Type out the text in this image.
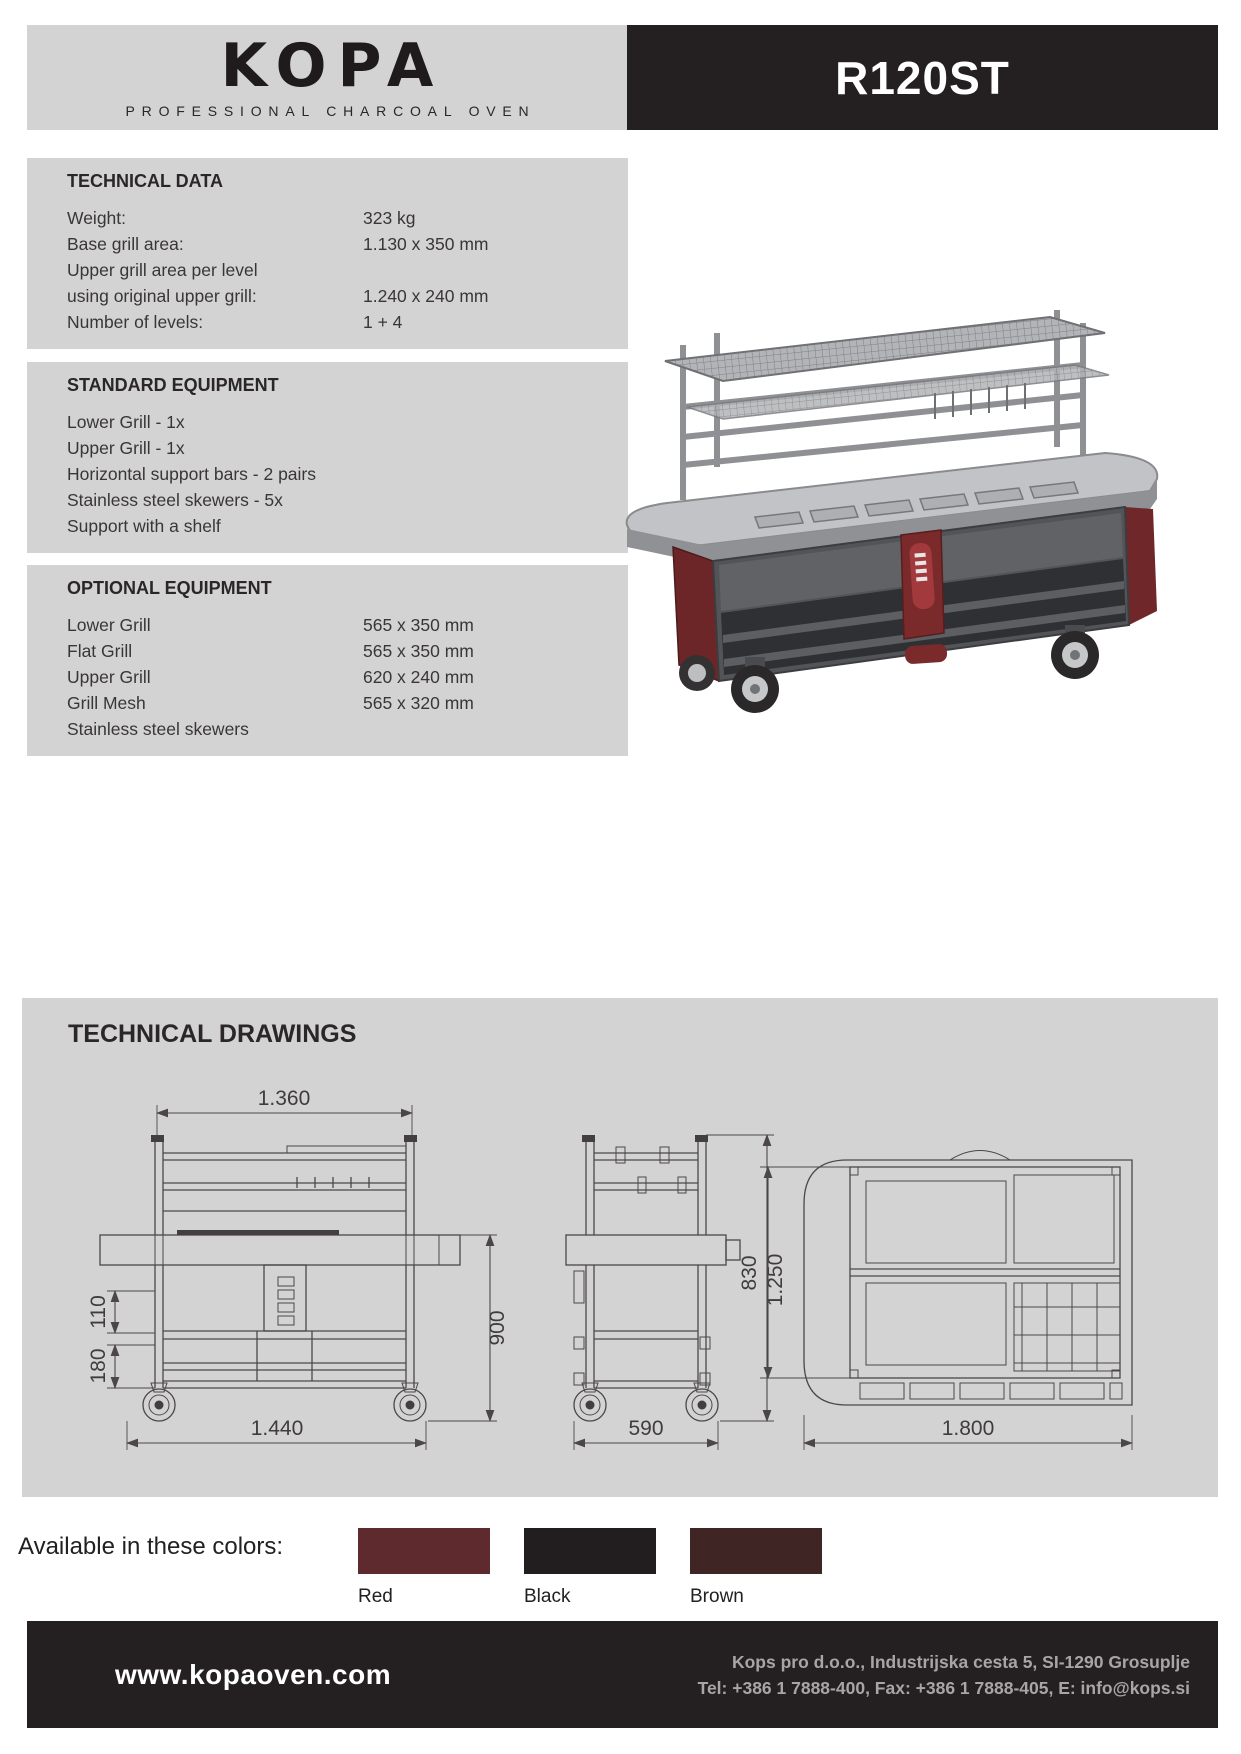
KOPA
PROFESSIONAL CHARCOAL OVEN
R120ST
TECHNICAL DATA
Weight:	323 kg
Base grill area:	1.130 x 350 mm
Upper grill area per level
using original upper grill:	1.240 x 240 mm
Number of levels:	1 + 4
STANDARD EQUIPMENT
Lower Grill - 1x
Upper Grill - 1x
Horizontal support bars - 2 pairs
Stainless steel skewers - 5x
Support with a shelf
OPTIONAL EQUIPMENT
Lower Grill	565 x 350 mm
Flat Grill	565 x 350 mm
Upper Grill	620 x 240 mm
Grill Mesh	565 x 320 mm
Stainless steel skewers
TECHNICAL DRAWINGS
1.360
110
180
900
1.440
1.250
590
830
1.800
Available in these colors:
Red	Black	Brown
www.kopaoven.com	Kops pro d.o.o., Industrijska cesta 5, SI-1290 Grosuplje
Tel: +386 1 7888-400, Fax: +386 1 7888-405, E: info@kops.si
